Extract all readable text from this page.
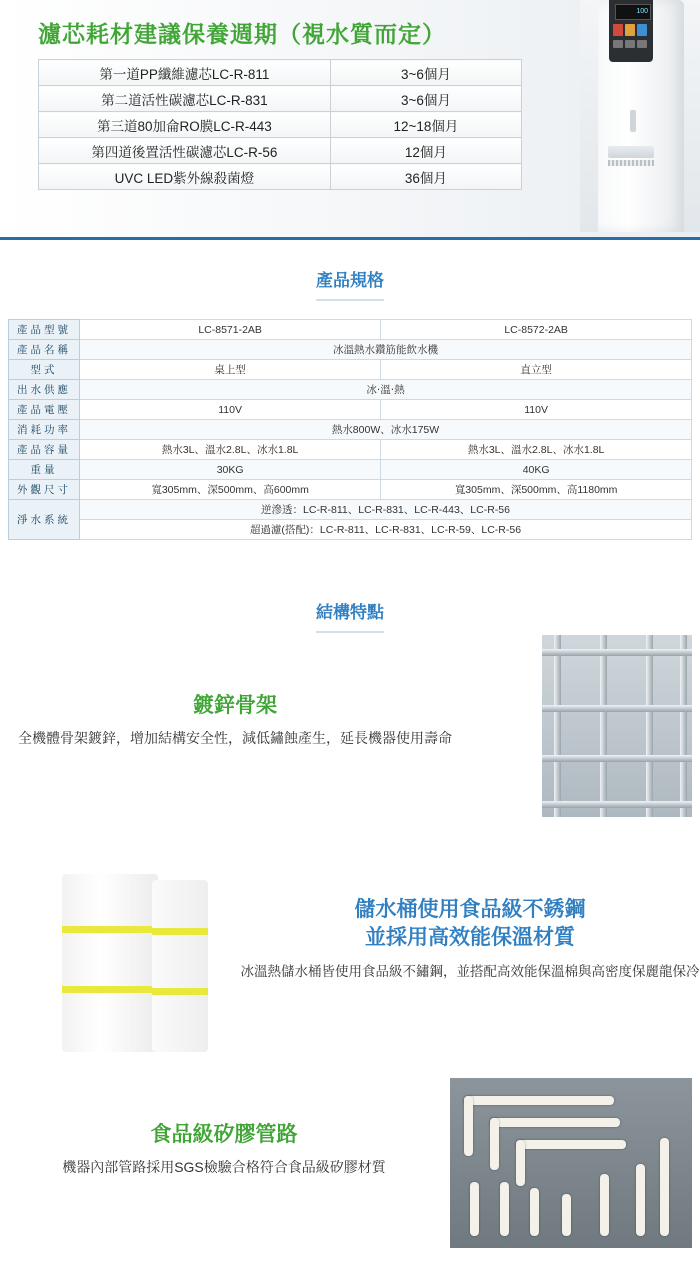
濾芯耗材建議保養週期（視水質而定）
第一道PP纖維濾芯LC-R-811	3~6個月
第二道活性碳濾芯LC-R-831	3~6個月
第三道80加侖RO膜LC-R-443	12~18個月
第四道後置活性碳濾芯LC-R-56	12個月
UVC LED紫外線殺菌燈	36個月
100
產品規格
產品型號	LC-8571-2AB	LC-8572-2AB
產品名稱	冰溫熱水鑽筋能飲水機	
型式	桌上型	直立型
出水供應	冰‧溫‧熱	
產品電壓	110V	110V
消耗功率	熱水800W、冰水175W	
產品容量	熱水3L、溫水2.8L、冰水1.8L	熱水3L、溫水2.8L、冰水1.8L
重量	30KG	40KG
外觀尺寸	寬305mm、深500mm、高600mm	寬305mm、深500mm、高1180mm
淨水系統	逆滲透：LC-R-811、LC-R-831、LC-R-443、LC-R-56	
	超過濾(搭配)：LC-R-811、LC-R-831、LC-R-59、LC-R-56	
結構特點
鍍鋅骨架
全機體骨架鍍鋅，增加結構安全性，減低鏽蝕產生，延長機器使用壽命
儲水桶使用食品級不銹鋼
並採用高效能保溫材質
冰溫熱儲水桶皆使用食品級不鏽鋼，並搭配高效能保溫棉與高密度保麗龍保冷
食品級矽膠管路
機器內部管路採用SGS檢驗合格符合食品級矽膠材質
